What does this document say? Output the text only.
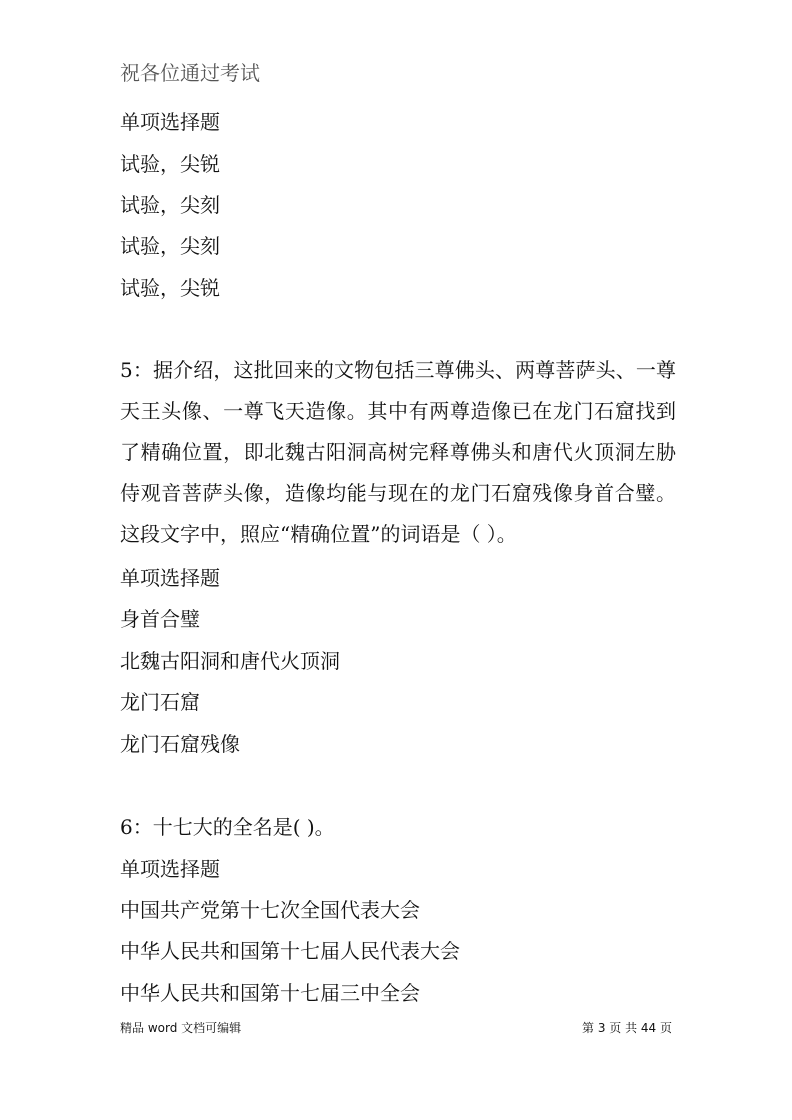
祝各位通过考试

单项选择题

试验，尖锐

试验，尖刻

试验，尖刻

试验，尖锐

5：据介绍，这批回来的文物包括三尊佛头、两尊菩萨头、一尊天王头像、一尊飞天造像。其中有两尊造像已在龙门石窟找到了精确位置，即北魏古阳洞高树完释尊佛头和唐代火顶洞左胁侍观音菩萨头像，造像均能与现在的龙门石窟残像身首合璧。这段文字中，照应“精确位置”的词语是（ ）。

单项选择题

身首合璧

北魏古阳洞和唐代火顶洞

龙门石窟

龙门石窟残像

6：十七大的全名是( )。

单项选择题

中国共产党第十七次全国代表大会

中华人民共和国第十七届人民代表大会

中华人民共和国第十七届三中全会

精品 word 文档可编辑	第 3 页 共 44 页
